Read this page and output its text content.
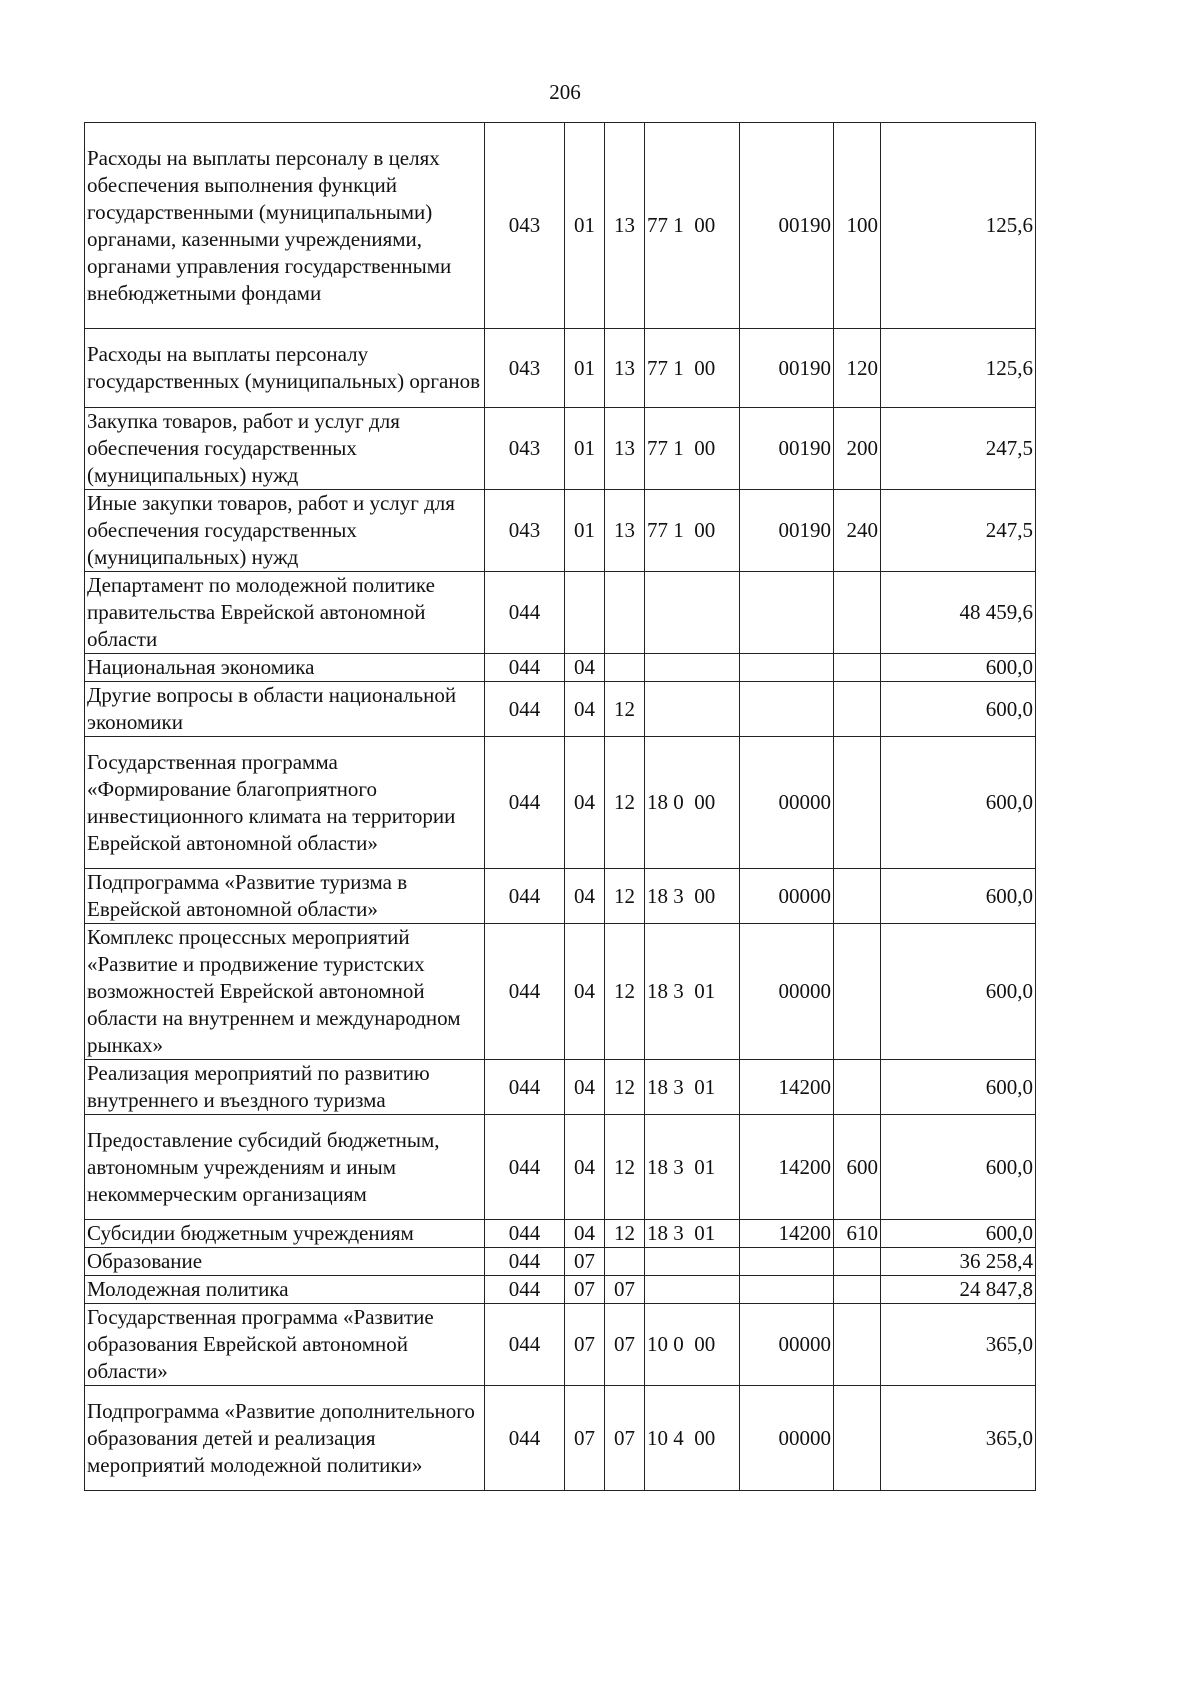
206
Расходы на выплаты персоналу в целях обеспечения выполнения функций государственными (муниципальными) органами, казенными учреждениями, органами управления государственными внебюджетными фондами	043	01	13	77 1  00	00190	100	125,6
Расходы на выплаты персоналу государственных (муниципальных) органов	043	01	13	77 1  00	00190	120	125,6
Закупка товаров, работ и услуг для обеспечения государственных (муниципальных) нужд	043	01	13	77 1  00	00190	200	247,5
Иные закупки товаров, работ и услуг для обеспечения государственных (муниципальных) нужд	043	01	13	77 1  00	00190	240	247,5
Департамент по молодежной политике правительства Еврейской автономной области	044						48 459,6
Национальная экономика	044	04					600,0
Другие вопросы в области национальной экономики	044	04	12				600,0
Государственная программа «Формирование благоприятного инвестиционного климата на территории Еврейской автономной области»	044	04	12	18 0  00	00000		600,0
Подпрограмма «Развитие туризма в Еврейской автономной области»	044	04	12	18 3  00	00000		600,0
Комплекс процессных мероприятий «Развитие и продвижение туристских возможностей Еврейской автономной области на внутреннем и международном рынках»	044	04	12	18 3  01	00000		600,0
Реализация мероприятий по развитию внутреннего и въездного туризма	044	04	12	18 3  01	14200		600,0
Предоставление субсидий бюджетным, автономным учреждениям и иным некоммерческим организациям	044	04	12	18 3  01	14200	600	600,0
Субсидии бюджетным учреждениям	044	04	12	18 3  01	14200	610	600,0
Образование	044	07					36 258,4
Молодежная политика	044	07	07				24 847,8
Государственная программа «Развитие образования Еврейской автономной области»	044	07	07	10 0  00	00000		365,0
Подпрограмма «Развитие дополнительного образования детей и реализация мероприятий молодежной политики»	044	07	07	10 4  00	00000		365,0
